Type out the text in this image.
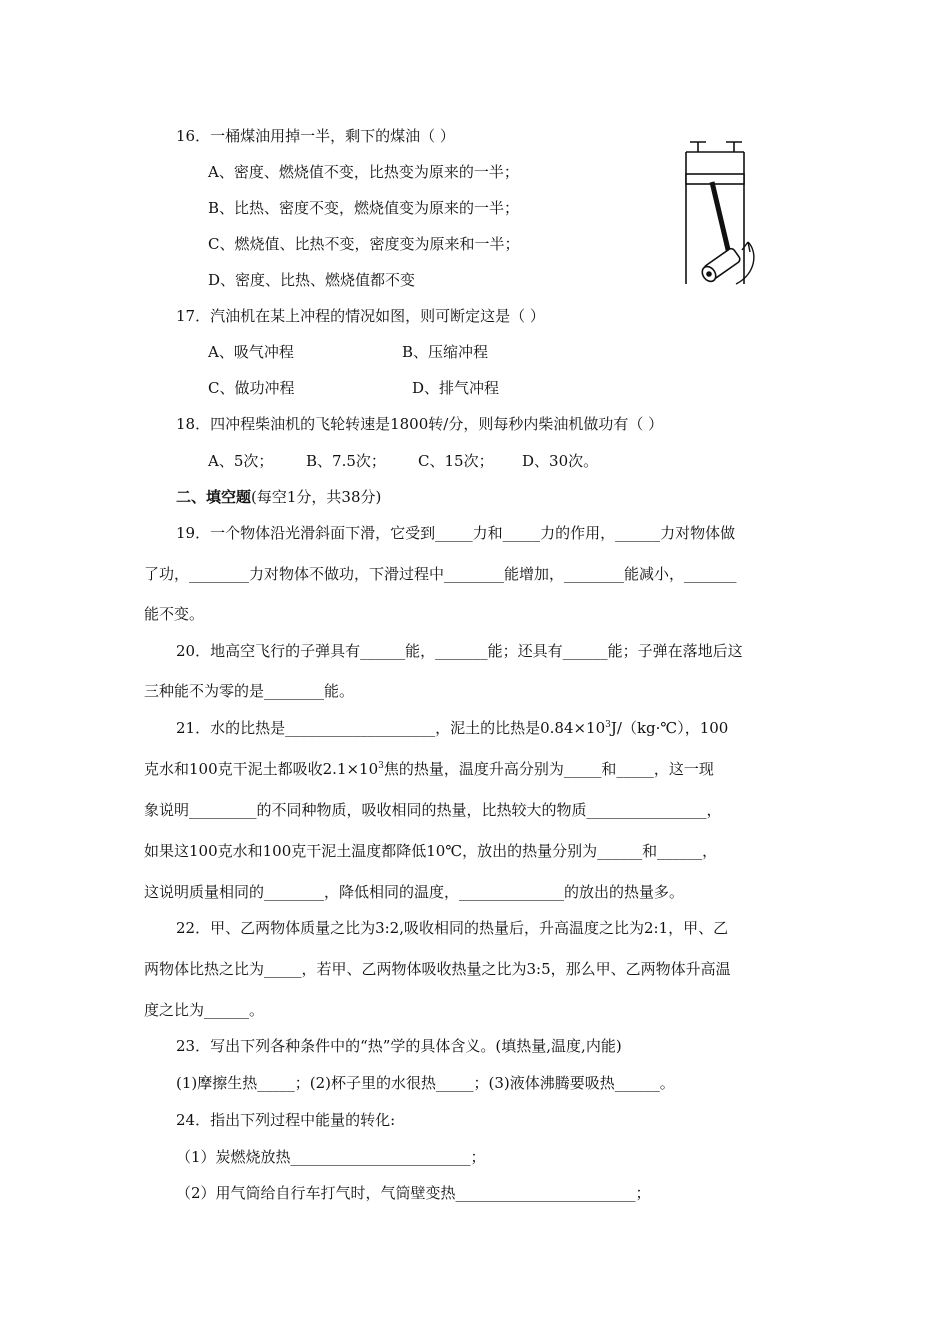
16．一桶煤油用掉一半，剩下的煤油（ ）
A、密度、燃烧值不变，比热变为原来的一半；
B、比热、密度不变，燃烧值变为原来的一半；
C、燃烧值、比热不变，密度变为原来和一半；
D、密度、比热、燃烧值都不变
17．汽油机在某上冲程的情况如图，则可断定这是（ ）
A、吸气冲程	B、压缩冲程
C、做功冲程	D、排气冲程
18．四冲程柴油机的飞轮转速是1800转/分，则每秒内柴油机做功有（ ）
A、5次； B、7.5次； C、15次； D、30次。
二、填空题(每空1分，共38分)
19．一个物体沿光滑斜面下滑，它受到_____力和_____力的作用，______力对物体做
了功，________力对物体不做功，下滑过程中________能增加，________能减小，_______
能不变。
20．地高空飞行的子弹具有______能，_______能；还具有______能；子弹在落地后这
三种能不为零的是________能。
21．水的比热是____________________，泥土的比热是$0.84\times 10^3J/(kg\cdot℃)$，100
克水和100克干泥土都吸收$2.1\times 10^3$焦的热量，温度升高分别为_____和_____，这一现
象说明_________的不同种物质，吸收相同的热量，比热较大的物质________________，
如果这100克水和100克干泥土温度都降低10℃，放出的热量分别为______和______，
这说明质量相同的________，降低相同的温度，______________的放出的热量多。
22．甲、乙两物体质量之比为3:2,吸收相同的热量后，升高温度之比为2:1，甲、乙
两物体比热之比为_____，若甲、乙两物体吸收热量之比为3:5，那么甲、乙两物体升高温
度之比为______。
23．写出下列各种条件中的“热”学的具体含义。(填热量,温度,内能)
(1)摩擦生热_____；(2)杯子里的水很热_____；(3)液体沸腾要吸热______。
24．指出下列过程中能量的转化:
（1）炭燃烧放热________________________；
（2）用气筒给自行车打气时，气筒壁变热________________________；
